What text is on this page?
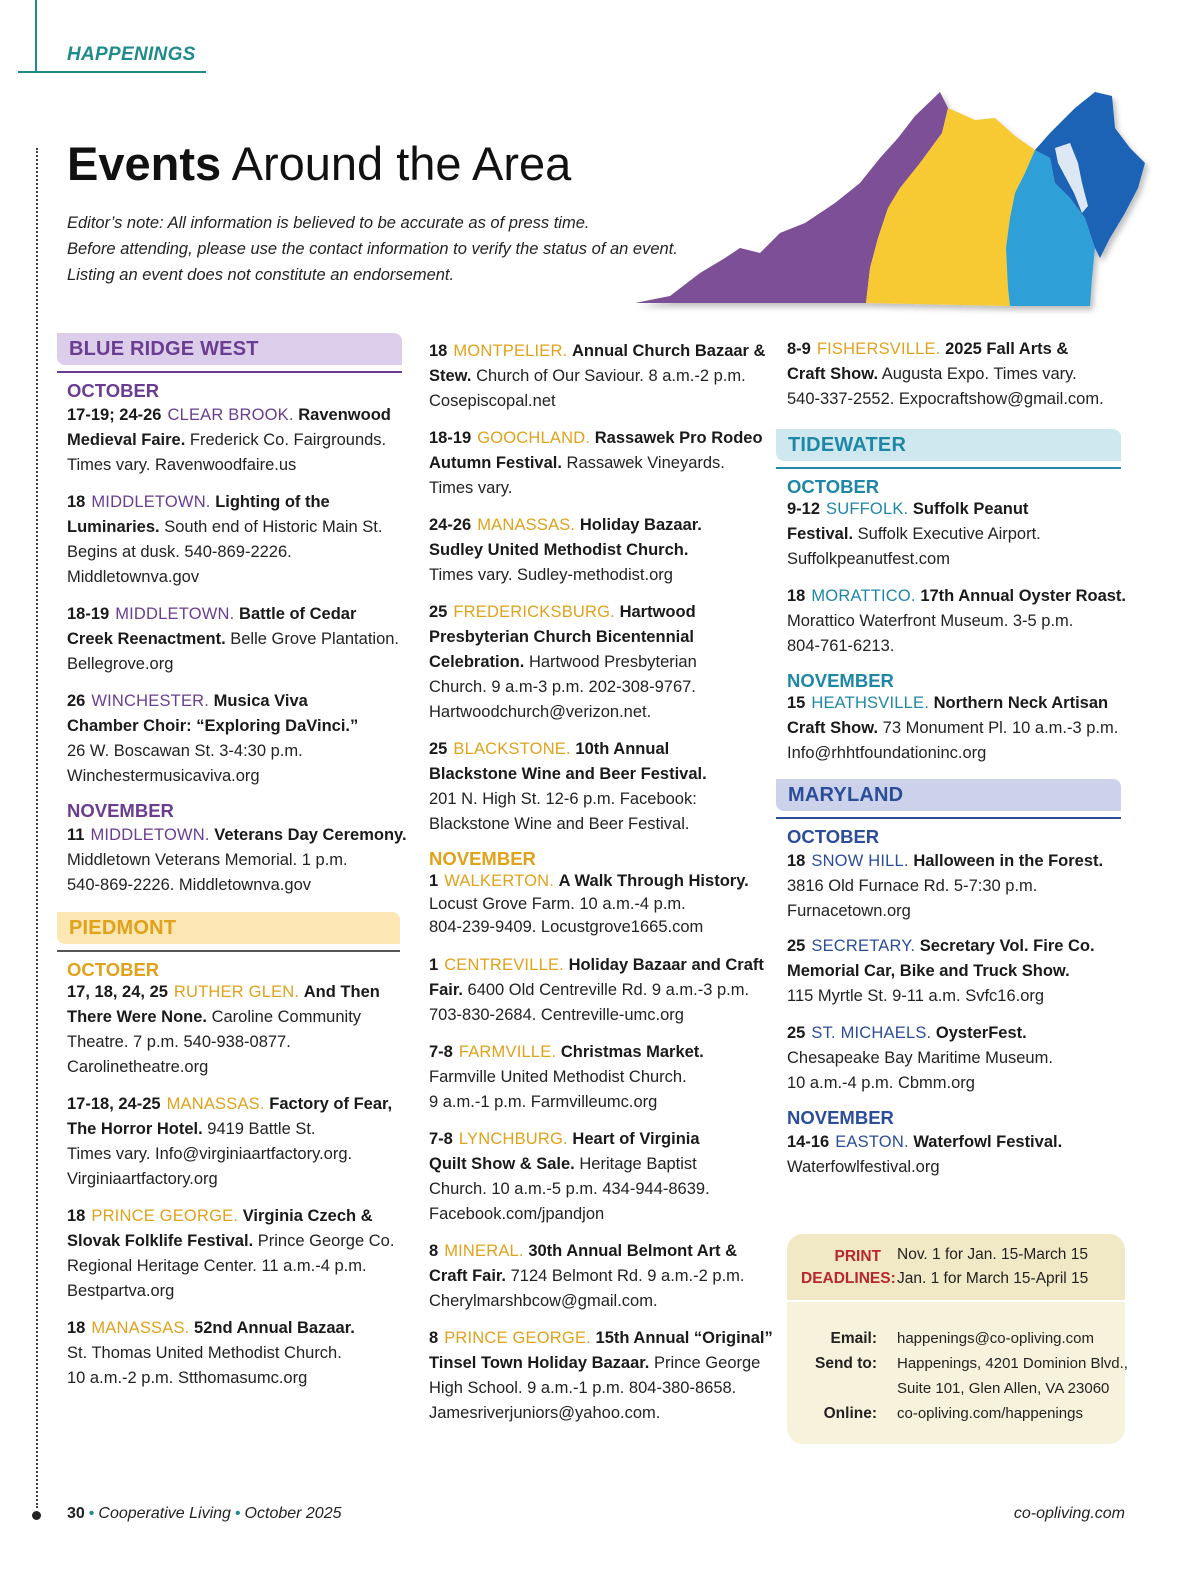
HAPPENINGS
Events Around the Area
Editor’s note: All information is believed to be accurate as of press time.
Before attending, please use the contact information to verify the status of an event.
Listing an event does not constitute an endorsement.
BLUE RIDGE WEST
OCTOBER
17-19; 24-26 CLEAR BROOK. Ravenwood
Medieval Faire. Frederick Co. Fairgrounds.
Times vary. Ravenwoodfaire.us
18 MIDDLETOWN. Lighting of the
Luminaries. South end of Historic Main St.
Begins at dusk. 540-869-2226.
Middletownva.gov
18-19 MIDDLETOWN. Battle of Cedar
Creek Reenactment. Belle Grove Plantation.
Bellegrove.org
26 WINCHESTER. Musica Viva
Chamber Choir: “Exploring DaVinci.”
26 W. Boscawan St. 3-4:30 p.m.
Winchestermusicaviva.org
NOVEMBER
11 MIDDLETOWN. Veterans Day Ceremony.
Middletown Veterans Memorial. 1 p.m.
540-869-2226. Middletownva.gov
PIEDMONT
OCTOBER
17, 18, 24, 25 RUTHER GLEN. And Then
There Were None. Caroline Community
Theatre. 7 p.m. 540-938-0877.
Carolinetheatre.org
17-18, 24-25 MANASSAS. Factory of Fear,
The Horror Hotel. 9419 Battle St.
Times vary. Info@virginiaartfactory.org.
Virginiaartfactory.org
18 PRINCE GEORGE. Virginia Czech &
Slovak Folklife Festival. Prince George Co.
Regional Heritage Center. 11 a.m.-4 p.m.
Bestpartva.org
18 MANASSAS. 52nd Annual Bazaar.
St. Thomas United Methodist Church.
10 a.m.-2 p.m. Stthomasumc.org
18 MONTPELIER. Annual Church Bazaar &
Stew. Church of Our Saviour. 8 a.m.-2 p.m.
Cosepiscopal.net
18-19 GOOCHLAND. Rassawek Pro Rodeo
Autumn Festival. Rassawek Vineyards.
Times vary.
24-26 MANASSAS. Holiday Bazaar.
Sudley United Methodist Church.
Times vary. Sudley-methodist.org
25 FREDERICKSBURG. Hartwood
Presbyterian Church Bicentennial
Celebration. Hartwood Presbyterian
Church. 9 a.m-3 p.m. 202-308-9767.
Hartwoodchurch@verizon.net.
25 BLACKSTONE. 10th Annual
Blackstone Wine and Beer Festival.
201 N. High St. 12-6 p.m. Facebook:
Blackstone Wine and Beer Festival.
NOVEMBER
1 WALKERTON. A Walk Through History.
Locust Grove Farm. 10 a.m.-4 p.m.
804-239-9409. Locustgrove1665.com
1 CENTREVILLE. Holiday Bazaar and Craft
Fair. 6400 Old Centreville Rd. 9 a.m.-3 p.m.
703-830-2684. Centreville-umc.org
7-8 FARMVILLE. Christmas Market.
Farmville United Methodist Church.
9 a.m.-1 p.m. Farmvilleumc.org
7-8 LYNCHBURG. Heart of Virginia
Quilt Show & Sale. Heritage Baptist
Church. 10 a.m.-5 p.m. 434-944-8639.
Facebook.com/jpandjon
8 MINERAL. 30th Annual Belmont Art &
Craft Fair. 7124 Belmont Rd. 9 a.m.-2 p.m.
Cherylmarshbcow@gmail.com.
8 PRINCE GEORGE. 15th Annual “Original”
Tinsel Town Holiday Bazaar. Prince George
High School. 9 a.m.-1 p.m. 804-380-8658.
Jamesriverjuniors@yahoo.com.
8-9 FISHERSVILLE. 2025 Fall Arts &
Craft Show. Augusta Expo. Times vary.
540-337-2552. Expocraftshow@gmail.com.
TIDEWATER
OCTOBER
9-12 SUFFOLK. Suffolk Peanut
Festival. Suffolk Executive Airport.
Suffolkpeanutfest.com
18 MORATTICO. 17th Annual Oyster Roast.
Morattico Waterfront Museum. 3-5 p.m.
804-761-6213.
NOVEMBER
15 HEATHSVILLE. Northern Neck Artisan
Craft Show. 73 Monument Pl. 10 a.m.-3 p.m.
Info@rhhtfoundationinc.org
MARYLAND
OCTOBER
18 SNOW HILL. Halloween in the Forest.
3816 Old Furnace Rd. 5-7:30 p.m.
Furnacetown.org
25 SECRETARY. Secretary Vol. Fire Co.
Memorial Car, Bike and Truck Show.
115 Myrtle St. 9-11 a.m. Svfc16.org
25 ST. MICHAELS. OysterFest.
Chesapeake Bay Maritime Museum.
10 a.m.-4 p.m. Cbmm.org
NOVEMBER
14-16 EASTON. Waterfowl Festival.
Waterfowlfestival.org
PRINT
DEADLINES:
Nov. 1 for Jan. 15-March 15
Jan. 1 for March 15-April 15
Email:
Send to:
Online:
happenings@co-opliving.com
Happenings, 4201 Dominion Blvd.,
Suite 101, Glen Allen, VA 23060
co-opliving.com/happenings
30 • Cooperative Living • October 2025	co-opliving.com
